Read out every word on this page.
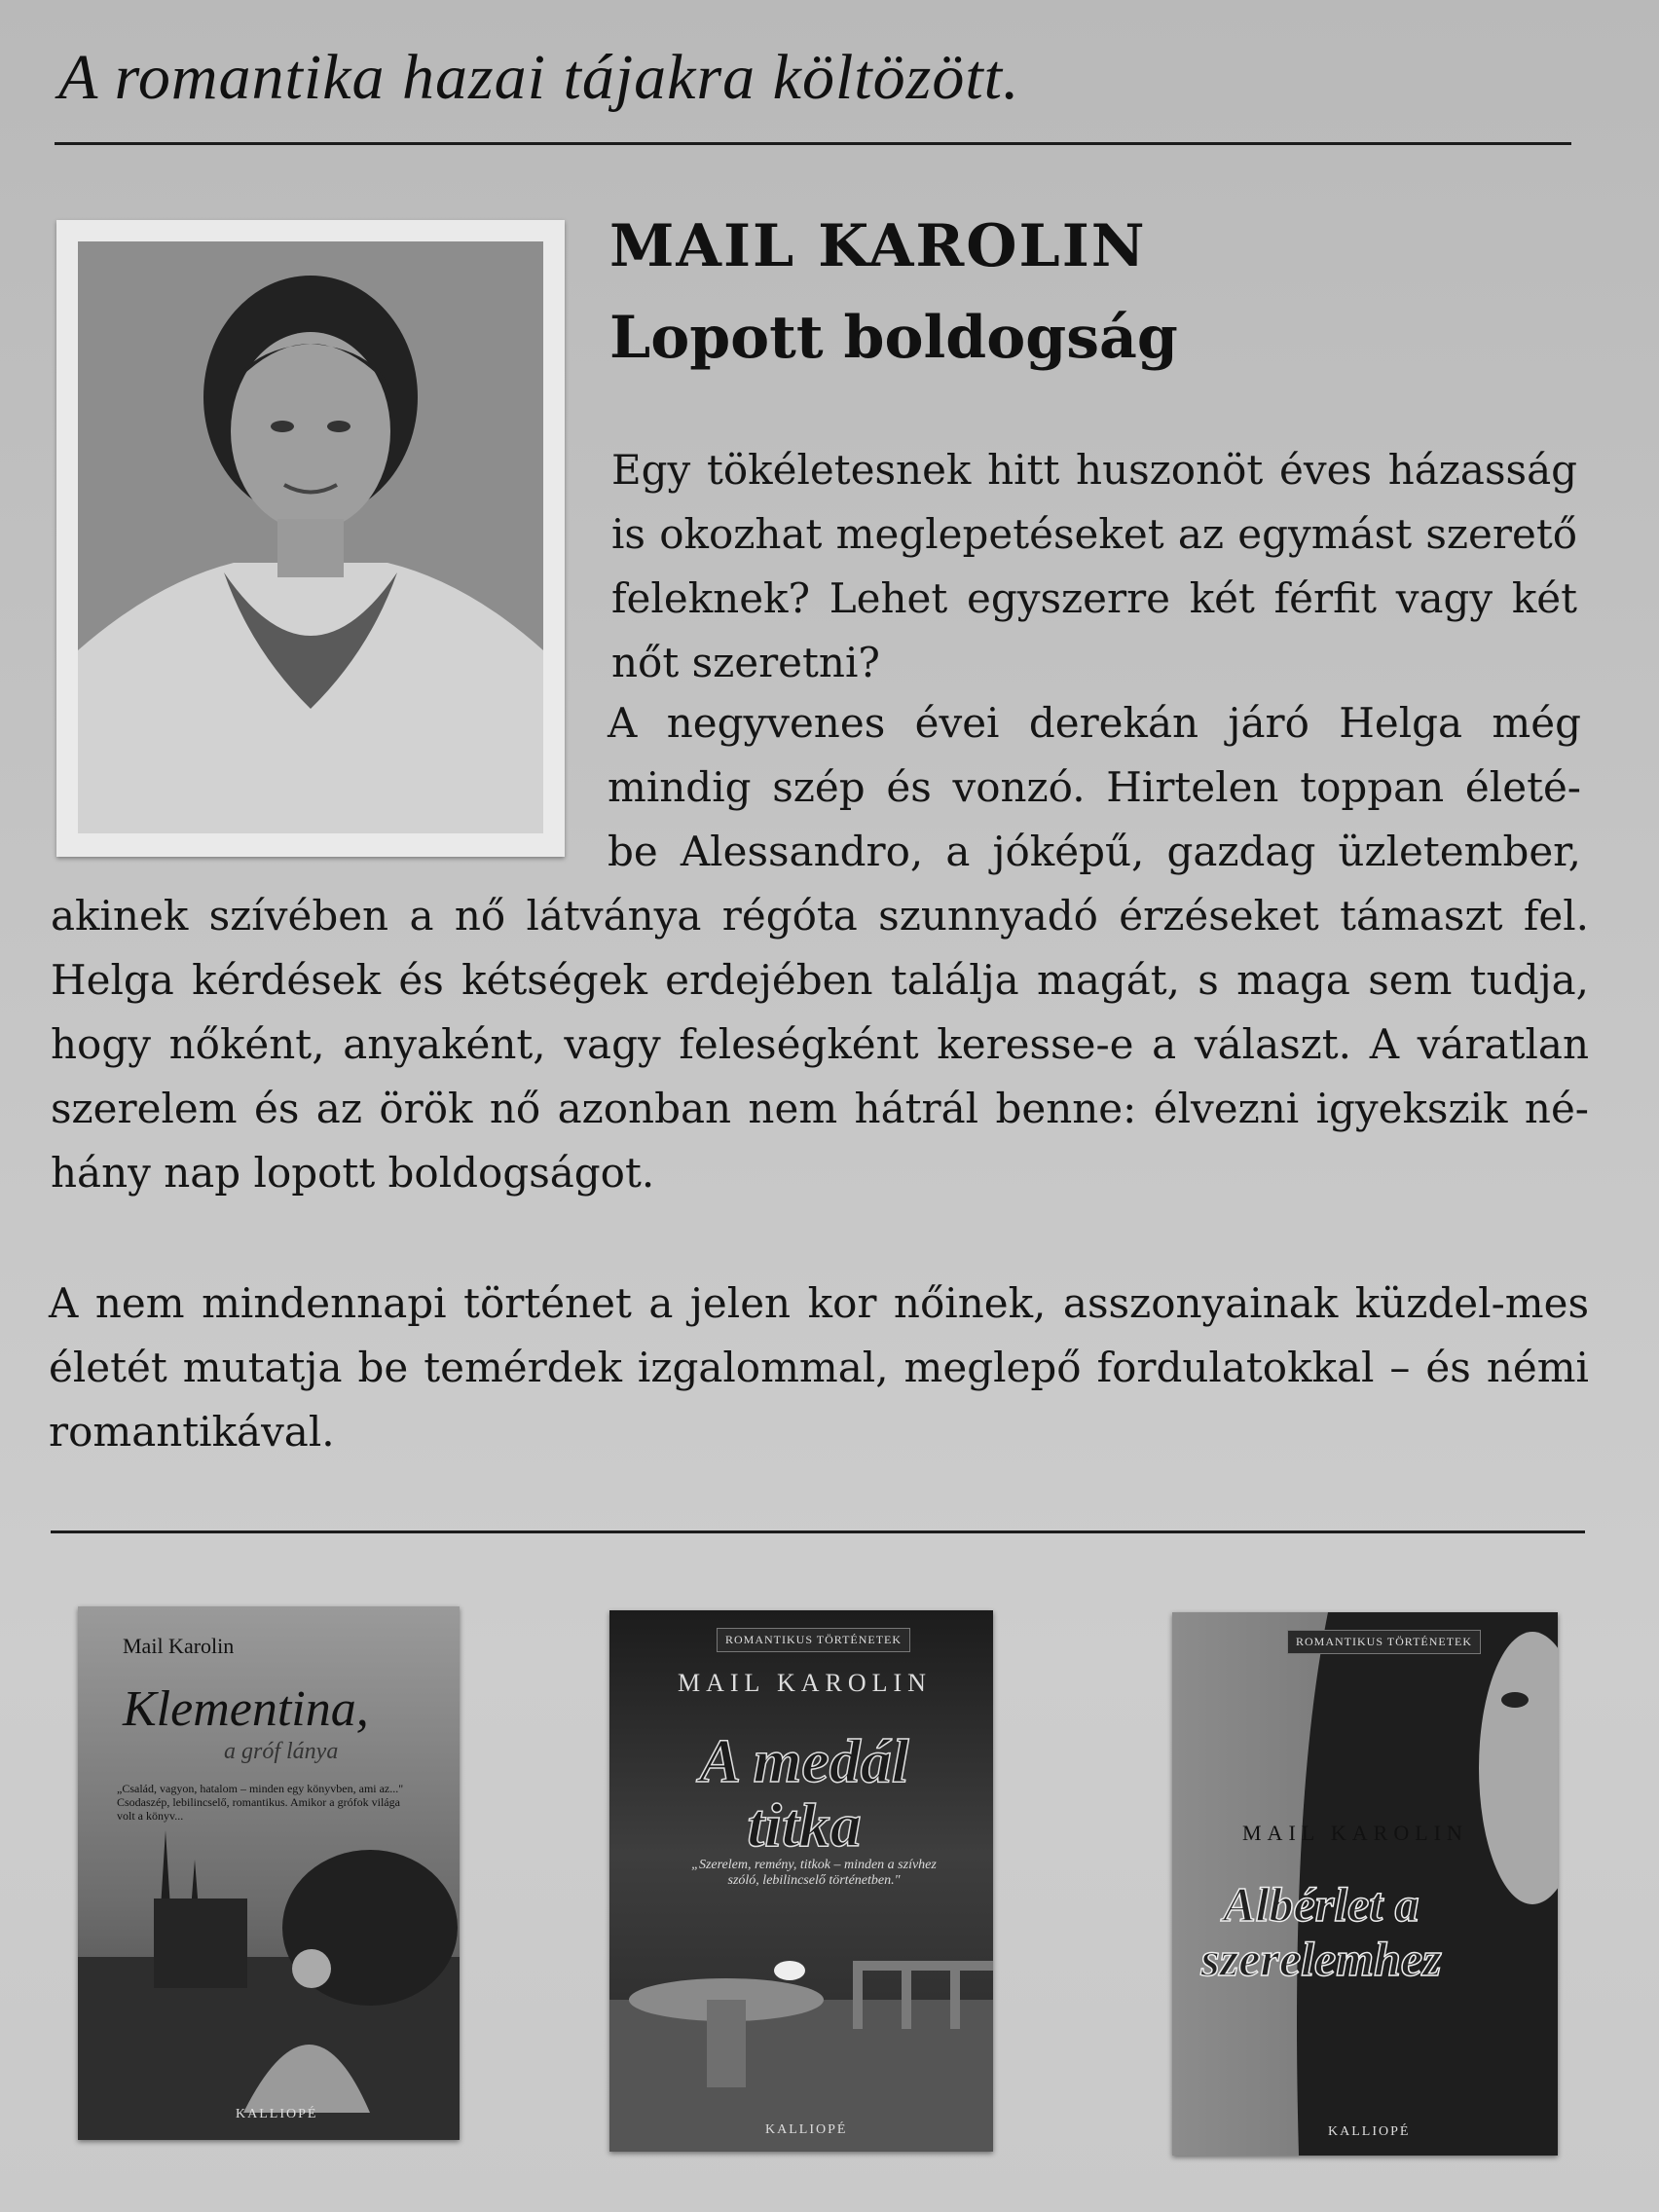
A romantika hazai tájakra költözött.
MAIL KAROLIN
Lopott boldogság

Egy tökéletesnek hitt huszonöt éves házasság is okozhat meglepetéseket az egymást szerető feleknek? Lehet egyszerre két férfit vagy két nőt szeretni?

A negyvenes évei derekán járó Helga még mindig szép és vonzó. Hirtelen toppan életé-be Alessandro, a jóképű, gazdag üzletember,

akinek szívében a nő látványa régóta szunnyadó érzéseket támaszt fel. Helga kérdések és kétségek erdejében találja magát, s maga sem tudja, hogy nőként, anyaként, vagy feleségként keresse-e a választ. A váratlan szerelem és az örök nő azonban nem hátrál benne: élvezni igyekszik né-hány nap lopott boldogságot.

A nem mindennapi történet a jelen kor nőinek, asszonyainak küzdel-mes életét mutatja be temérdek izgalommal, meglepő fordulatokkal – és némi romantikával.

Mail Karolin
Klementina,
a gróf lánya
„Család, vagyon, hatalom – minden egy könyvben, ami az..." Csodaszép, lebilincselő, romantikus. Amikor a grófok világa volt a könyv...
KALLIOPÉ
ROMANTIKUS TÖRTÉNETEK
MAIL KAROLIN
A medál titka
„Szerelem, remény, titkok – minden a szívhez szóló, lebilincselő történetben."
KALLIOPÉ
ROMANTIKUS TÖRTÉNETEK
MAIL KAROLIN
Albérlet a szerelemhez
KALLIOPÉ
